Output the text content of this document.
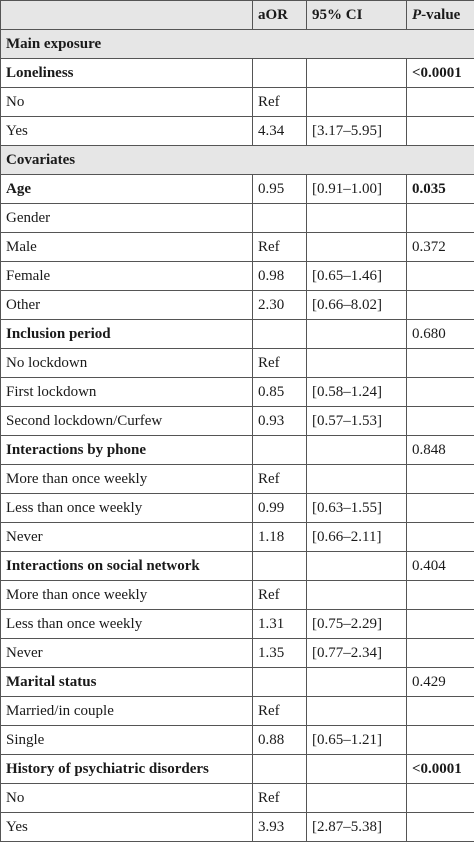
	aOR	95% CI	P-value
Main exposure			
Loneliness			<0.0001
No	Ref		
Yes	4.34	[3.17–5.95]	
Covariates			
Age	0.95	[0.91–1.00]	0.035
Gender			
Male	Ref		0.372
Female	0.98	[0.65–1.46]	
Other	2.30	[0.66–8.02]	
Inclusion period			0.680
No lockdown	Ref		
First lockdown	0.85	[0.58–1.24]	
Second lockdown/Curfew	0.93	[0.57–1.53]	
Interactions by phone			0.848
More than once weekly	Ref		
Less than once weekly	0.99	[0.63–1.55]	
Never	1.18	[0.66–2.11]	
Interactions on social network			0.404
More than once weekly	Ref		
Less than once weekly	1.31	[0.75–2.29]	
Never	1.35	[0.77–2.34]	
Marital status			0.429
Married/in couple	Ref		
Single	0.88	[0.65–1.21]	
History of psychiatric disorders			<0.0001
No	Ref		
Yes	3.93	[2.87–5.38]	
